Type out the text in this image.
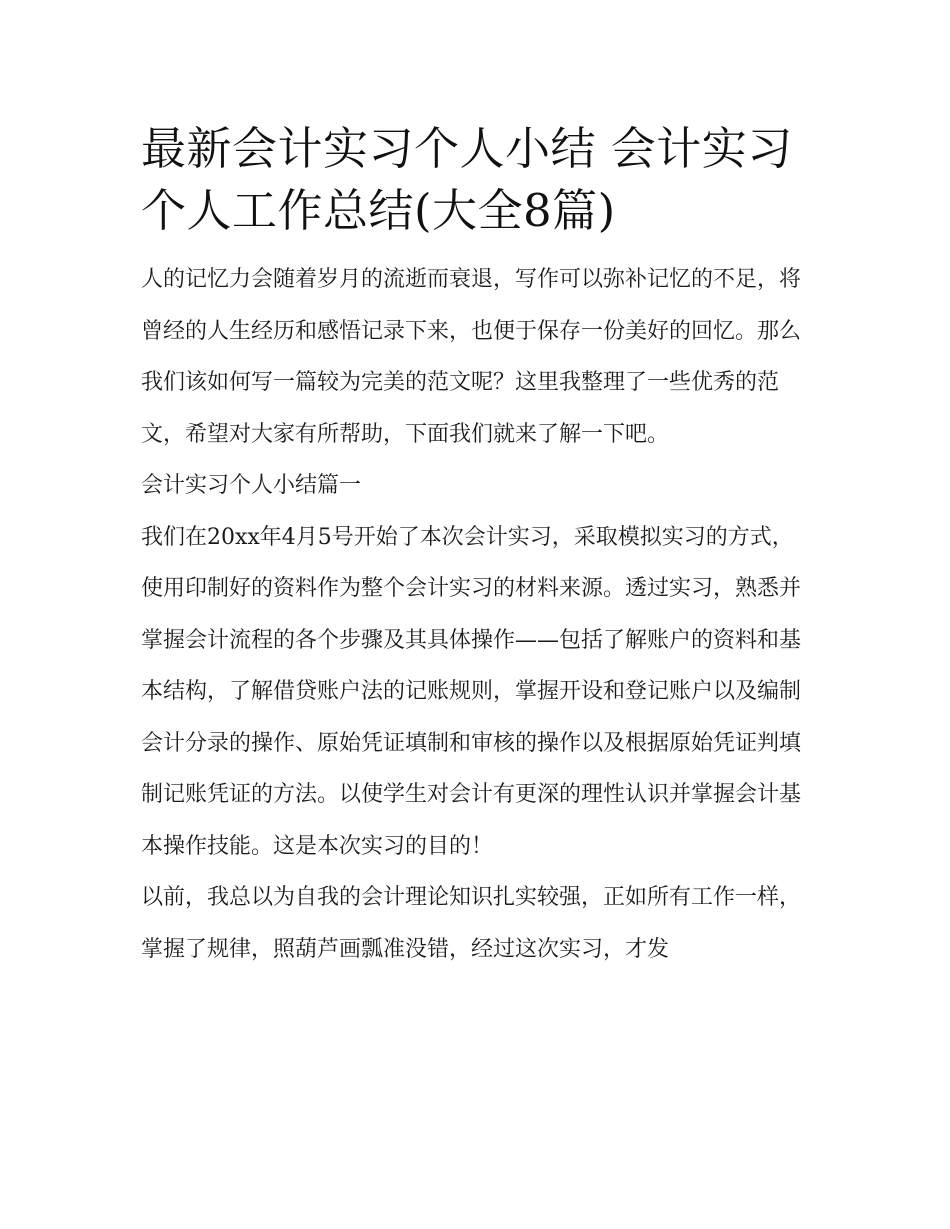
最新会计实习个人小结 会计实习个人工作总结(大全8篇)

人的记忆力会随着岁月的流逝而衰退，写作可以弥补记忆的不足，将曾经的人生经历和感悟记录下来，也便于保存一份美好的回忆。那么我们该如何写一篇较为完美的范文呢？这里我整理了一些优秀的范文，希望对大家有所帮助，下面我们就来了解一下吧。

会计实习个人小结篇一

我们在20xx年4月5号开始了本次会计实习，采取模拟实习的方式，使用印制好的资料作为整个会计实习的材料来源。透过实习，熟悉并掌握会计流程的各个步骤及其具体操作——包括了解账户的资料和基本结构，了解借贷账户法的记账规则，掌握开设和登记账户以及编制会计分录的操作、原始凭证填制和审核的操作以及根据原始凭证判填制记账凭证的方法。以使学生对会计有更深的理性认识并掌握会计基本操作技能。这是本次实习的目的！

以前，我总以为自我的会计理论知识扎实较强，正如所有工作一样，掌握了规律，照葫芦画瓢准没错，经过这次实习，才发
